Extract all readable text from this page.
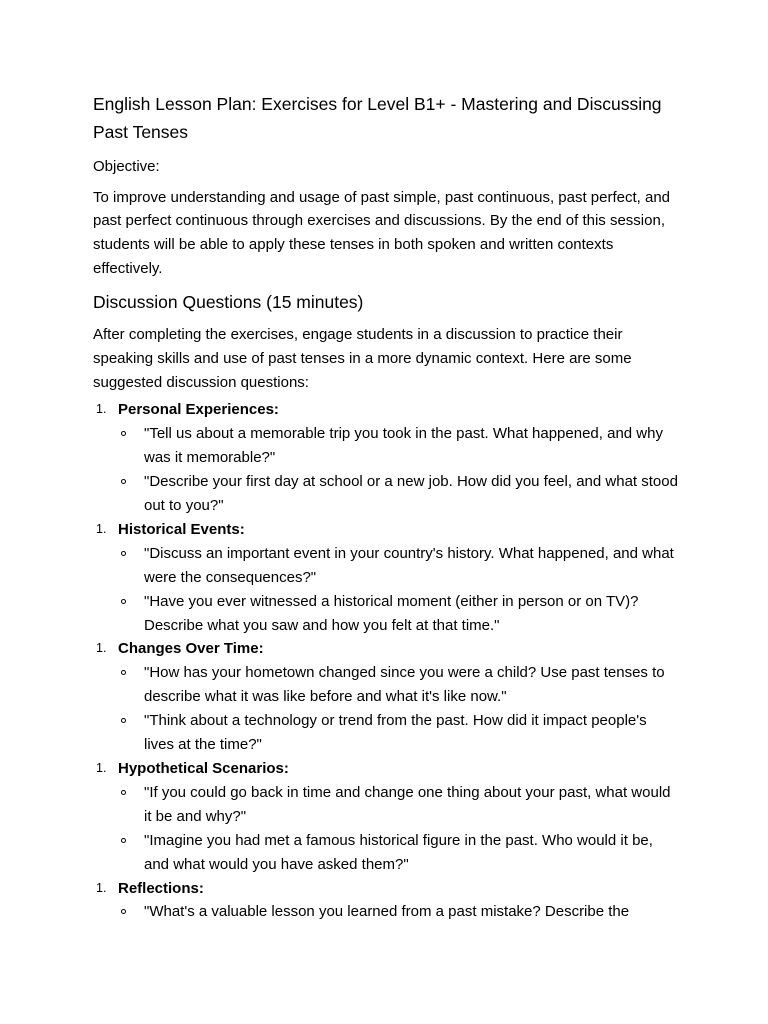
English Lesson Plan: Exercises for Level B1+ - Mastering and Discussing Past Tenses

Objective:

To improve understanding and usage of past simple, past continuous, past perfect, and past perfect continuous through exercises and discussions. By the end of this session, students will be able to apply these tenses in both spoken and written contexts effectively.

Discussion Questions (15 minutes)

After completing the exercises, engage students in a discussion to practice their speaking skills and use of past tenses in a more dynamic context. Here are some suggested discussion questions:

1. Personal Experiences:
"Tell us about a memorable trip you took in the past. What happened, and why was it memorable?"
"Describe your first day at school or a new job. How did you feel, and what stood out to you?"
1. Historical Events:
"Discuss an important event in your country's history. What happened, and what were the consequences?"
"Have you ever witnessed a historical moment (either in person or on TV)? Describe what you saw and how you felt at that time."
1. Changes Over Time:
"How has your hometown changed since you were a child? Use past tenses to describe what it was like before and what it's like now."
"Think about a technology or trend from the past. How did it impact people's lives at the time?"
1. Hypothetical Scenarios:
"If you could go back in time and change one thing about your past, what would it be and why?"
"Imagine you had met a famous historical figure in the past. Who would it be, and what would you have asked them?"
1. Reflections:
"What's a valuable lesson you learned from a past mistake? Describe the
